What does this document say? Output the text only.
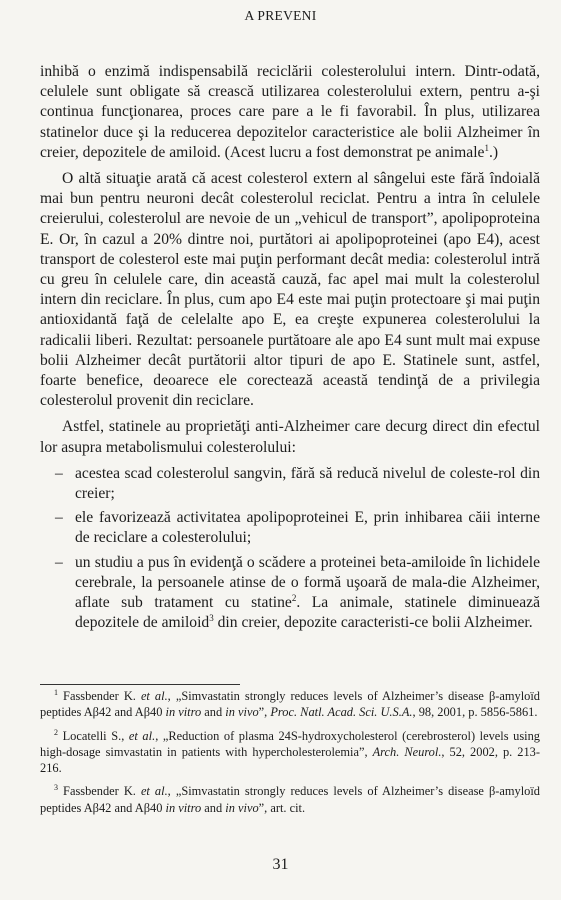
A PREVENI

inhibă o enzimă indispensabilă reciclării colesterolului intern. Dintr-odată, celulele sunt obligate să crească utilizarea colesterolului extern, pentru a-şi continua funcţionarea, proces care pare a le fi favorabil. În plus, utilizarea statinelor duce şi la reducerea depozitelor caracteristice ale bolii Alzheimer în creier, depozitele de amiloid. (Acest lucru a fost demonstrat pe animale$^1$.)

O altă situaţie arată că acest colesterol extern al sângelui este fără îndoială mai bun pentru neuroni decât colesterolul reciclat. Pentru a intra în celulele creierului, colesterolul are nevoie de un „vehicul de transport”, apolipoproteina E. Or, în cazul a 20% dintre noi, purtători ai apolipoproteinei (apo E4), acest transport de colesterol este mai puţin performant decât media: colesterolul intră cu greu în celulele care, din această cauză, fac apel mai mult la colesterolul intern din reciclare. În plus, cum apo E4 este mai puţin protectoare şi mai puţin antioxidantă faţă de celelalte apo E, ea creşte expunerea colesterolului la radicalii liberi. Rezultat: persoanele purtătoare ale apo E4 sunt mult mai expuse bolii Alzheimer decât purtătorii altor tipuri de apo E. Statinele sunt, astfel, foarte benefice, deoarece ele corectează această tendinţă de a privilegia colesterolul provenit din reciclare.

Astfel, statinele au proprietăţi anti-Alzheimer care decurg direct din efectul lor asupra metabolismului colesterolului:

– acestea scad colesterolul sangvin, fără să reducă nivelul de coleste-rol din creier;
– ele favorizează activitatea apolipoproteinei E, prin inhibarea căii interne de reciclare a colesterolului;
– un studiu a pus în evidenţă o scădere a proteinei beta-amiloide în lichidele cerebrale, la persoanele atinse de o formă uşoară de mala-die Alzheimer, aflate sub tratament cu statine$^2$. La animale, statinele diminuează depozitele de amiloid$^3$ din creier, depozite caracteristi-ce bolii Alzheimer.
$^1$ Fassbender K. et al., „Simvastatin strongly reduces levels of Alzheimer’s disease β-amyloïd peptides Aβ42 and Aβ40 in vitro and in vivo”, Proc. Natl. Acad. Sci. U.S.A., 98, 2001, p. 5856-5861.
$^2$ Locatelli S., et al., „Reduction of plasma 24S-hydroxycholesterol (cerebrosterol) levels using high-dosage simvastatin in patients with hypercholesterolemia”, Arch. Neurol., 52, 2002, p. 213-216.
$^3$ Fassbender K. et al., „Simvastatin strongly reduces levels of Alzheimer’s disease β-amyloïd peptides Aβ42 and Aβ40 in vitro and in vivo”, art. cit.
31
